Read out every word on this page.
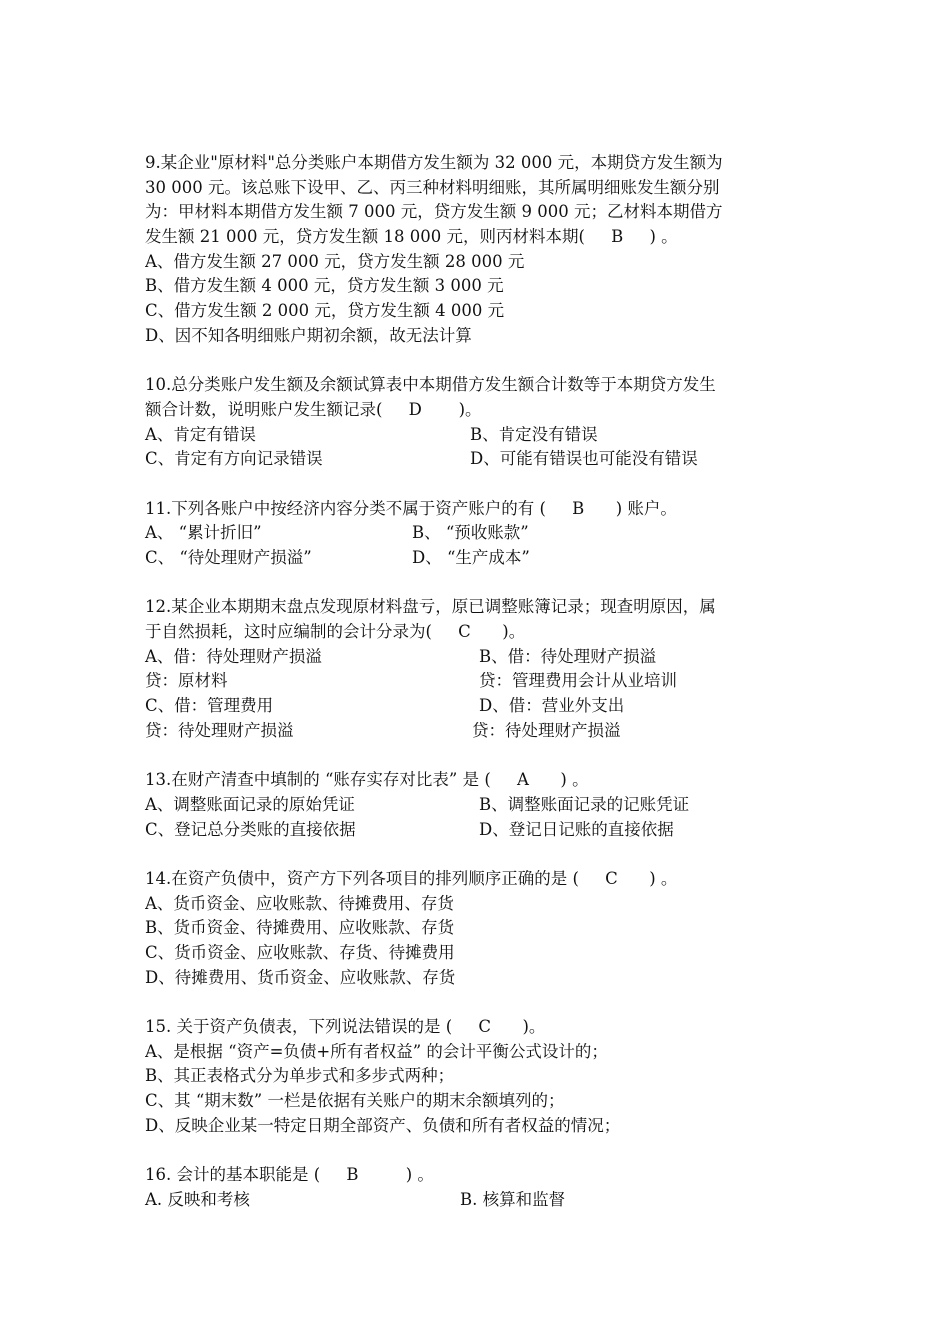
9.某企业"原材料"总分类账户本期借方发生额为 32 000 元，本期贷方发生额为
30 000 元。该总账下设甲、乙、丙三种材料明细账，其所属明细账发生额分别
为：甲材料本期借方发生额 7 000 元，贷方发生额 9 000 元；乙材料本期借方
发生额 21 000 元，贷方发生额 18 000 元，则丙材料本期(     B     ) 。
A、借方发生额 27 000 元，贷方发生额 28 000 元
B、借方发生额 4 000 元，贷方发生额 3 000 元
C、借方发生额 2 000 元，贷方发生额 4 000 元
D、因不知各明细账户期初余额，故无法计算
10.总分类账户发生额及余额试算表中本期借方发生额合计数等于本期贷方发生
额合计数，说明账户发生额记录(     D       )。
A、肯定有错误	B、肯定没有错误
C、肯定有方向记录错误	D、可能有错误也可能没有错误
11.下列各账户中按经济内容分类不属于资产账户的有 (     B      ) 账户。
A、 “累计折旧”	B、 “预收账款”
C、 “待处理财产损溢”	D、 “生产成本”
12.某企业本期期末盘点发现原材料盘亏，原已调整账簿记录；现查明原因，属
于自然损耗，这时应编制的会计分录为(     C      )。
A、借：待处理财产损溢	B、借：待处理财产损溢
贷：原材料	贷：管理费用会计从业培训
C、借：管理费用	D、借：营业外支出
贷：待处理财产损溢	贷：待处理财产损溢
13.在财产清查中填制的 “账存实存对比表” 是 (     A      ) 。
A、调整账面记录的原始凭证	B、调整账面记录的记账凭证
C、登记总分类账的直接依据	D、登记日记账的直接依据
14.在资产负债中，资产方下列各项目的排列顺序正确的是 (     C      ) 。
A、货币资金、应收账款、待摊费用、存货
B、货币资金、待摊费用、应收账款、存货
C、货币资金、应收账款、存货、待摊费用
D、待摊费用、货币资金、应收账款、存货
15. 关于资产负债表，下列说法错误的是 (     C      )。
A、是根据 “资产=负债+所有者权益” 的会计平衡公式设计的；
B、其正表格式分为单步式和多步式两种；
C、其 “期末数” 一栏是依据有关账户的期末余额填列的；
D、反映企业某一特定日期全部资产、负债和所有者权益的情况；
16. 会计的基本职能是 (     B         ) 。
A. 反映和考核	B. 核算和监督
